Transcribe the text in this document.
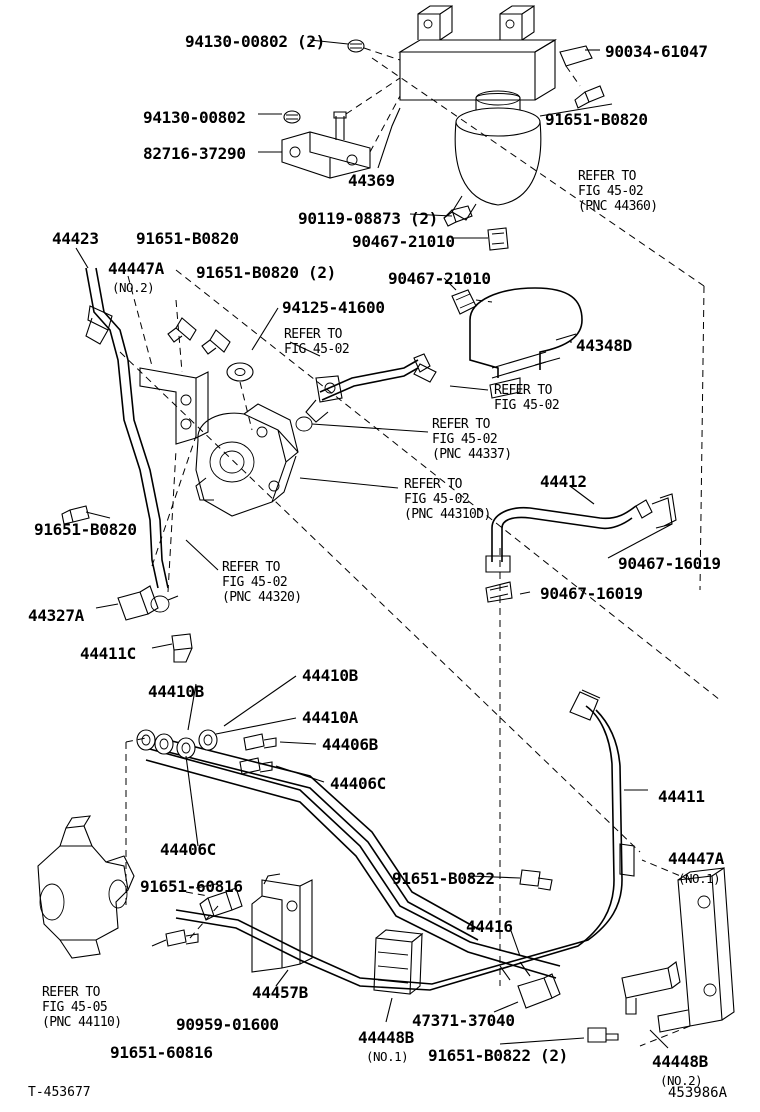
94130-00802 (2)
90034-61047
94130-00802	91651-B0820
82716-37290
44369	REFER TO
FIG 45-02
(PNC 44360)
90119-08873 (2)
90467-21010
90467-21010
44423 91651-B0820
44447A
(NO.2)
91651-B0820 (2)
94125-41600
REFER TO
FIG 45-02	44348D
REFER TO
FIG 45-02
REFER TO
FIG 45-02
(PNC 44337)
REFER TO
FIG 45-02
(PNC 44310D)
44412
90467-16019
90467-16019
91651-B0820
REFER TO
FIG 45-02
(PNC 44320)
44327A
44411C
44410B
44410B
44410A
44406B
44406C
44406C
44411
44447A
(NO.1)
91651-B0822
91651-60816
44416
44457B
REFER TO
FIG 45-05
(PNC 44110)	90959-01600	47371-37040
91651-60816
44448B
(NO.1) 91651-B0822 (2)	44448B
(NO.2)
T-453677	453986A
